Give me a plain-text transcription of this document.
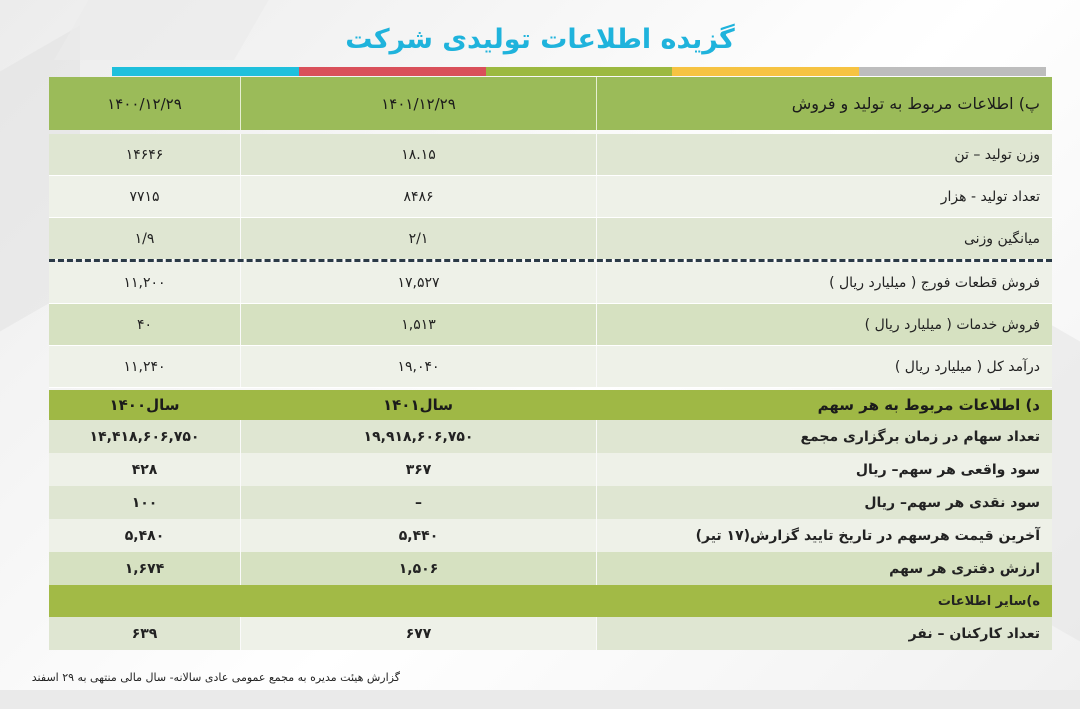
گزیده اطلاعات تولیدی شرکت
پ) اطلاعات مربوط به تولید و فروش
۱۴۰۱/۱۲/۲۹
۱۴۰۰/۱۲/۲۹
وزن تولید – تن
۱۸.۱۵
۱۴۶۴۶
تعداد تولید - هزار
۸۴۸۶
۷۷۱۵
میانگین وزنی
۲/۱
۱/۹
فروش قطعات فورج ( میلیارد ریال )
۱۷,۵۲۷
۱۱,۲۰۰
فروش خدمات ( میلیارد ریال )
۱,۵۱۳
۴۰
درآمد کل ( میلیارد ریال )
۱۹,۰۴۰
۱۱,۲۴۰
د) اطلاعات مربوط به هر سهم
سال۱۴۰۱
سال۱۴۰۰
تعداد سهام در زمان برگزاری مجمع
۱۹,۹۱۸,۶۰۶,۷۵۰
۱۴,۴۱۸,۶۰۶,۷۵۰
سود واقعی هر سهم– ریال
۳۶۷
۴۲۸
سود نقدی هر سهم– ریال
–
۱۰۰
آخرین قیمت هرسهم در تاریخ تایید گزارش(۱۷ تیر)
۵,۴۴۰
۵,۴۸۰
ارزش دفتری هر سهم
۱,۵۰۶
۱,۶۷۴
ه)سایر اطلاعات
تعداد کارکنان – نفر
۶۷۷
۶۳۹
گزارش هیئت مدیره به مجمع عمومی عادی سالانه- سال مالی منتهی به ۲۹ اسفند
